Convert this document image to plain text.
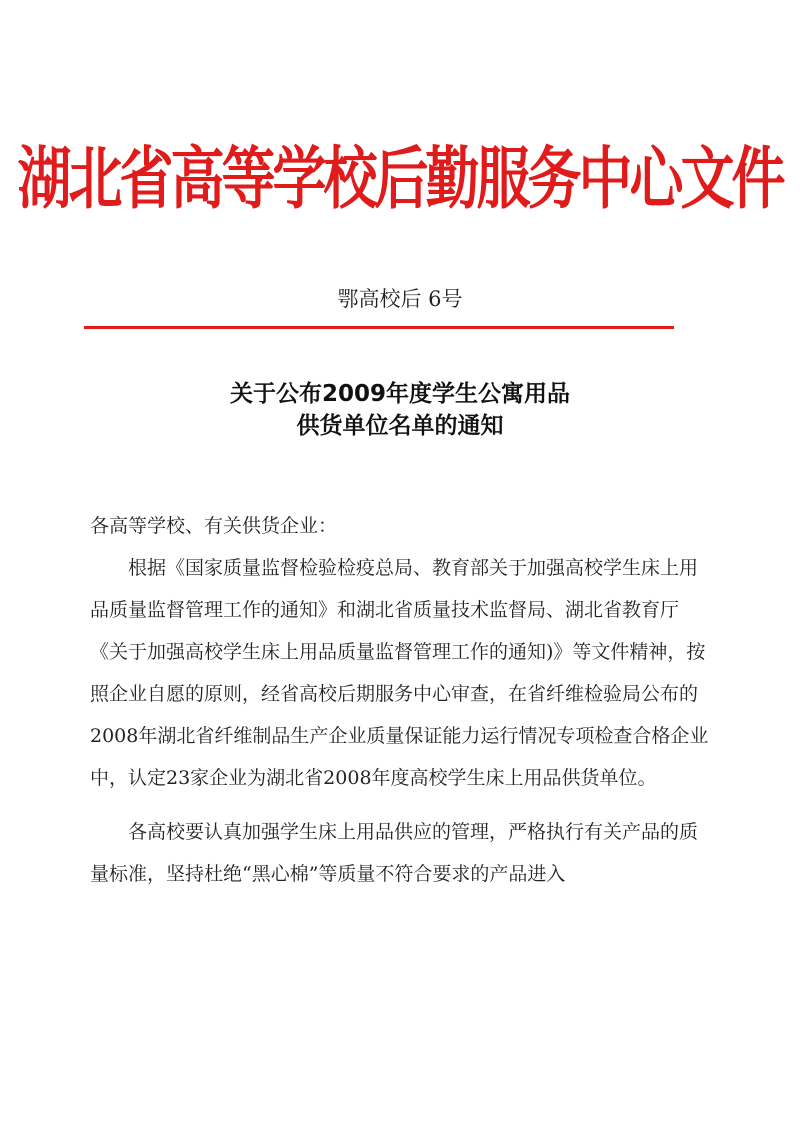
湖北省高等学校后勤服务中心文件
鄂高校后 6号
关于公布2009年度学生公寓用品
供货单位名单的通知

各高等学校、有关供货企业：

根据《国家质量监督检验检疫总局、教育部关于加强高校学生床上用品质量监督管理工作的通知》和湖北省质量技术监督局、湖北省教育厅《关于加强高校学生床上用品质量监督管理工作的通知)》等文件精神，按照企业自愿的原则，经省高校后期服务中心审查，在省纤维检验局公布的2008年湖北省纤维制品生产企业质量保证能力运行情况专项检查合格企业中，认定23家企业为湖北省2008年度高校学生床上用品供货单位。

各高校要认真加强学生床上用品供应的管理，严格执行有关产品的质量标准，坚持杜绝“黑心棉”等质量不符合要求的产品进入
